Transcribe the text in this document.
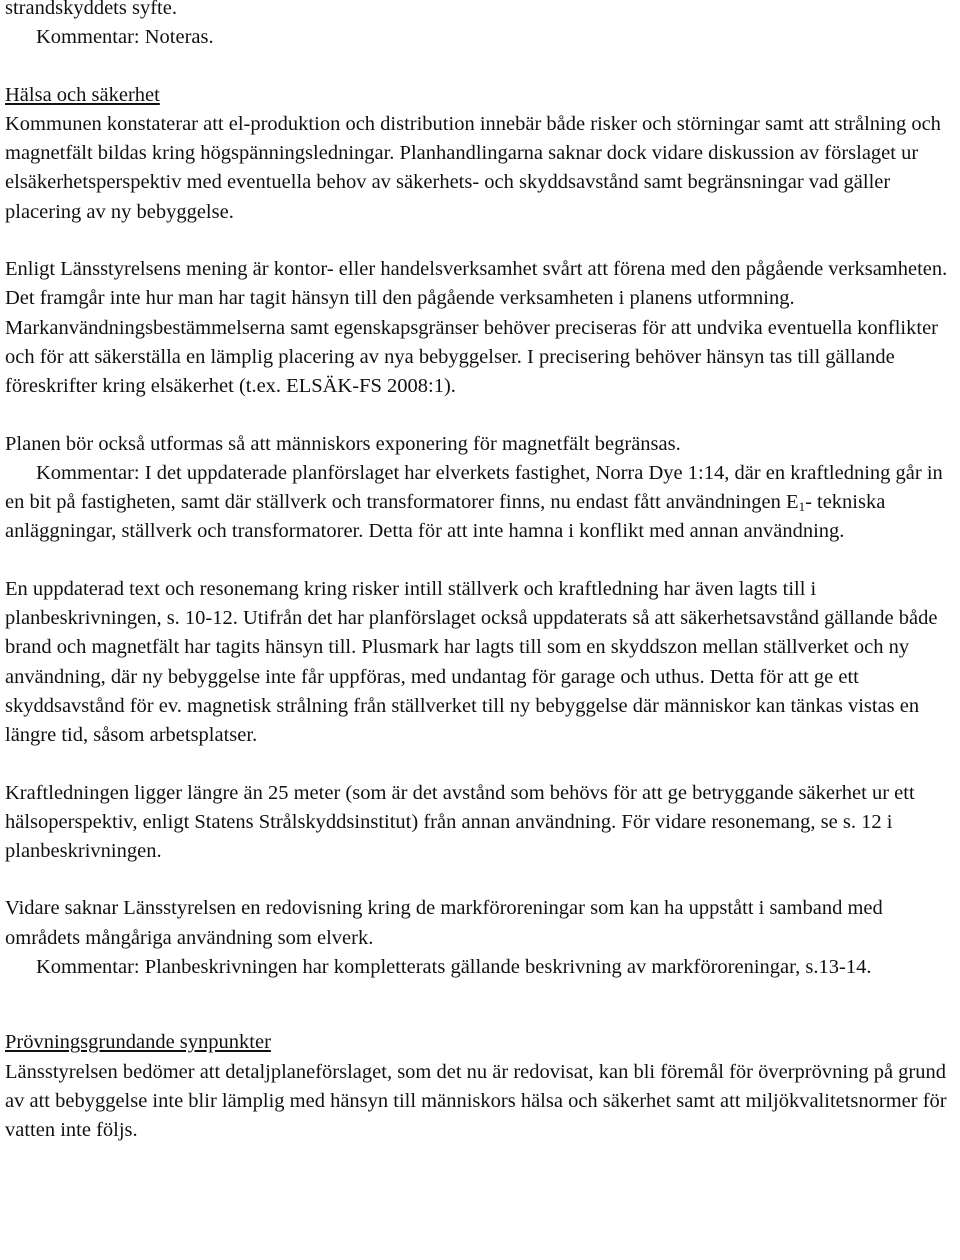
strandskyddets syfte.

Kommentar: Noteras.

Hälsa och säkerhet

Kommunen konstaterar att el-produktion och distribution innebär både risker och störningar samt att strålning och magnetfält bildas kring högspänningsledningar. Planhandlingarna saknar dock vidare diskussion av förslaget ur elsäkerhetsperspektiv med eventuella behov av säkerhets- och skyddsavstånd samt begränsningar vad gäller placering av ny bebyggelse.

Enligt Länsstyrelsens mening är kontor- eller handelsverksamhet svårt att förena med den pågående verksamheten. Det framgår inte hur man har tagit hänsyn till den pågående verksamheten i planens utformning. Markanvändningsbestämmelserna samt egenskapsgränser behöver preciseras för att undvika eventuella konflikter och för att säkerställa en lämplig placering av nya bebyggelser. I precisering behöver hänsyn tas till gällande föreskrifter kring elsäkerhet (t.ex. ELSÄK-FS 2008:1).

Planen bör också utformas så att människors exponering för magnetfält begränsas.

Kommentar: I det uppdaterade planförslaget har elverkets fastighet, Norra Dye 1:14, där en kraftledning går in en bit på fastigheten, samt där ställverk och transformatorer finns, nu endast fått användningen $E_1-$ tekniska anläggningar, ställverk och transformatorer. Detta för att inte hamna i konflikt med annan användning.

En uppdaterad text och resonemang kring risker intill ställverk och kraftledning har även lagts till i planbeskrivningen, s. 10-12. Utifrån det har planförslaget också uppdaterats så att säkerhetsavstånd gällande både brand och magnetfält har tagits hänsyn till. Plusmark har lagts till som en skyddszon mellan ställverket och ny användning, där ny bebyggelse inte får uppföras, med undantag för garage och uthus. Detta för att ge ett skyddsavstånd för ev. magnetisk strålning från ställverket till ny bebyggelse där människor kan tänkas vistas en längre tid, såsom arbetsplatser.

Kraftledningen ligger längre än 25 meter (som är det avstånd som behövs för att ge betryggande säkerhet ur ett hälsoperspektiv, enligt Statens Strålskyddsinstitut) från annan användning. För vidare resonemang, se s. 12 i planbeskrivningen.

Vidare saknar Länsstyrelsen en redovisning kring de markföroreningar som kan ha uppstått i samband med områdets mångåriga användning som elverk.

Kommentar: Planbeskrivningen har kompletterats gällande beskrivning av markföroreningar, s.13-14.

Prövningsgrundande synpunkter

Länsstyrelsen bedömer att detaljplaneförslaget, som det nu är redovisat, kan bli föremål för överprövning på grund av att bebyggelse inte blir lämplig med hänsyn till människors hälsa och säkerhet samt att miljökvalitetsnormer för vatten inte följs.
